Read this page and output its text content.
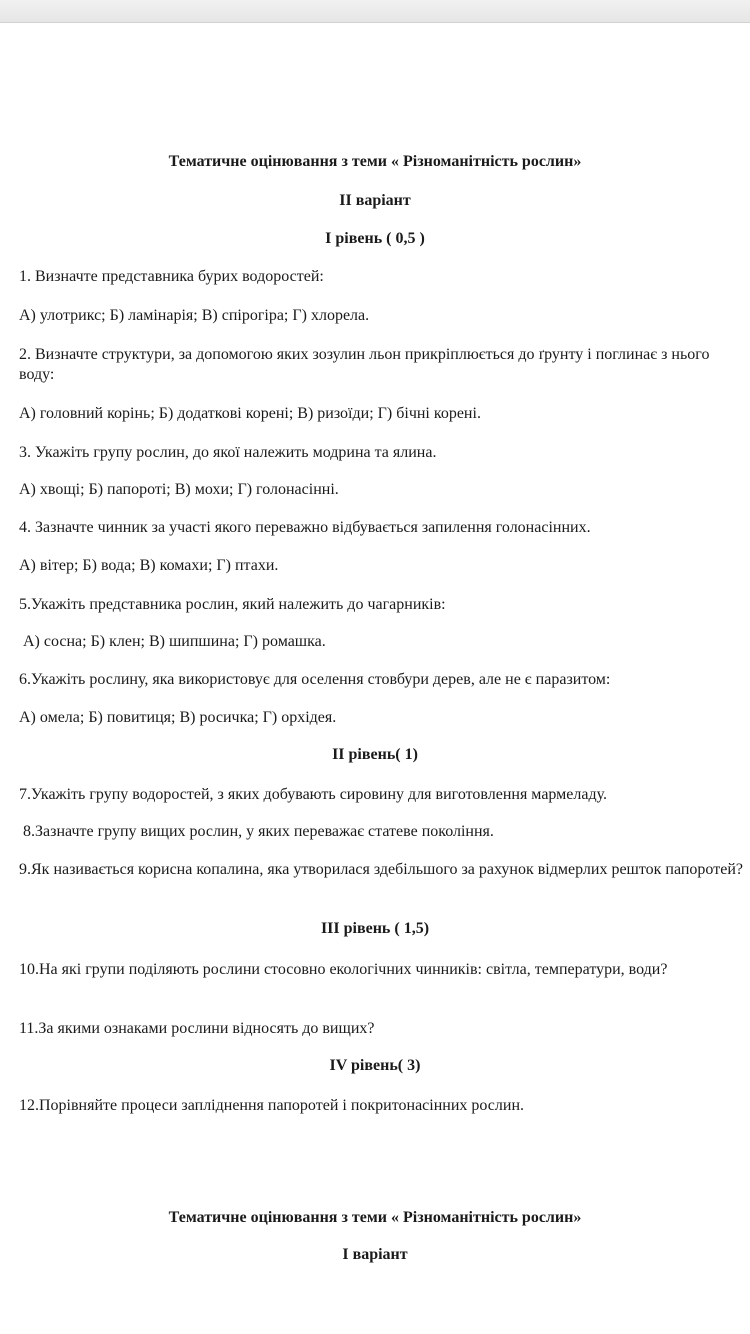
Тематичне оцінювання з теми « Різноманітність рослин»
II варіант
І рівень ( 0,5 )
1. Визначте представника бурих водоростей:
А) улотрикс; Б) ламінарія; В) спірогіра; Г) хлорела.
2. Визначте структури, за допомогою яких зозулин льон прикріплюється до ґрунту і поглинає з нього воду:
А) головний корінь; Б) додаткові корені; В) ризоїди; Г) бічні корені.
3. Укажіть групу рослин, до якої належить модрина та ялина.
А) хвощі; Б) папороті; В) мохи; Г) голонасінні.
4. Зазначте чинник за участі якого переважно відбувається запилення голонасінних.
А) вітер; Б) вода; В) комахи; Г) птахи.
5.Укажіть представника рослин, який належить до чагарників:
А) сосна; Б) клен; В) шипшина; Г) ромашка.
6.Укажіть рослину, яка використовує для оселення стовбури дерев, але не є паразитом:
А) омела; Б) повитиця; В) росичка; Г) орхідея.
ІІ рівень( 1)
7.Укажіть групу водоростей, з яких добувають сировину для виготовлення мармеладу.
8.Зазначте групу вищих рослин, у яких переважає статеве покоління.
9.Як називається корисна копалина, яка утворилася здебільшого за рахунок відмерлих решток папоротей?
ІІІ рівень ( 1,5)
10.На які групи поділяють рослини стосовно екологічних чинників: світла, температури, води?
11.За якими ознаками рослини відносять до вищих?
ІV рівень( 3)
12.Порівняйте процеси запліднення папоротей і покритонасінних рослин.
Тематичне оцінювання з теми « Різноманітність рослин»
І варіант
